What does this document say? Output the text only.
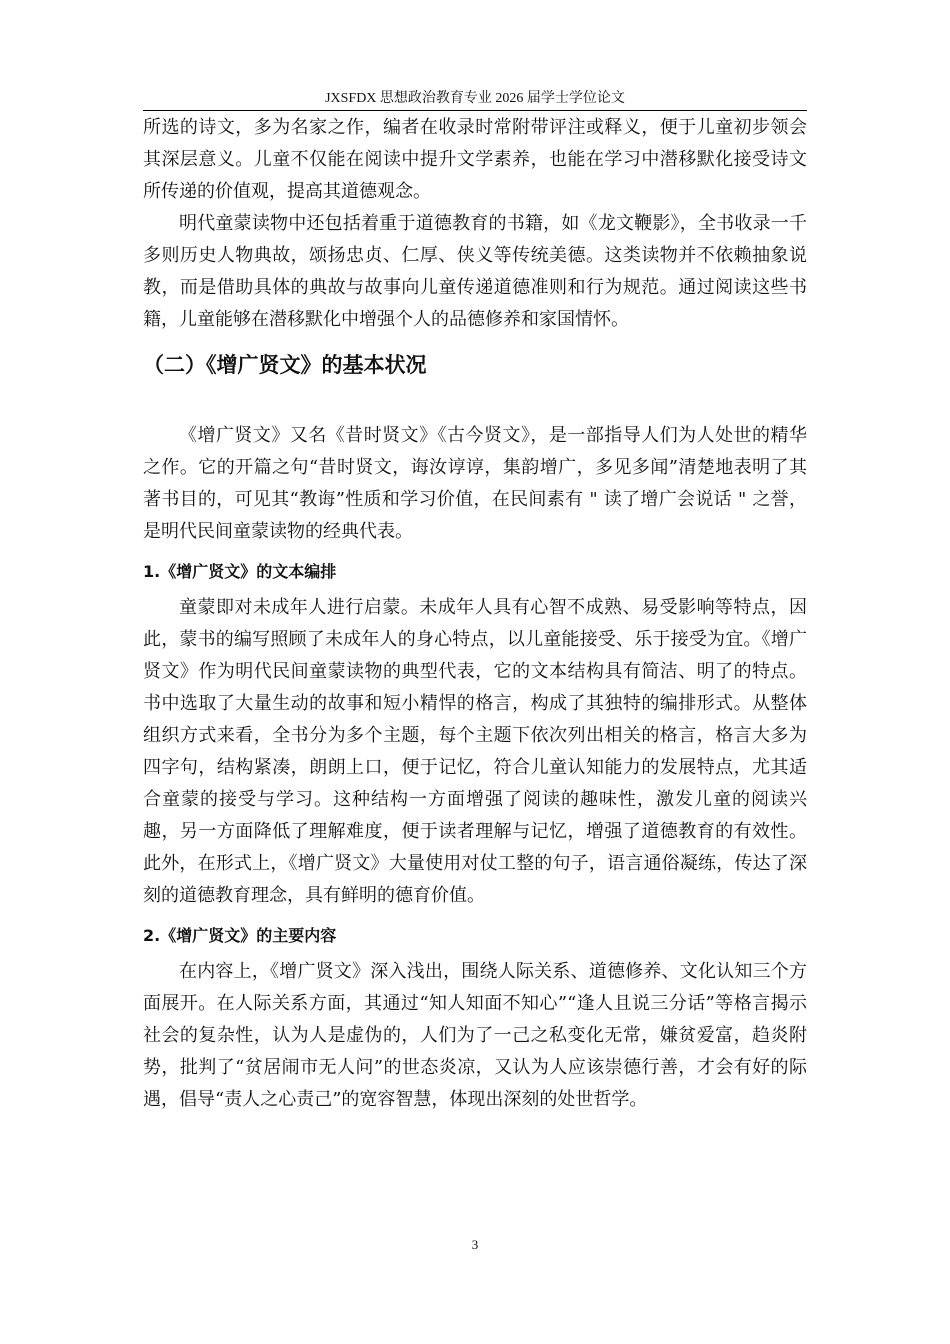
JXSFDX 思想政治教育专业 2026 届学士学位论文

所选的诗文，多为名家之作，编者在收录时常附带评注或释义，便于儿童初步领会其深层意义。儿童不仅能在阅读中提升文学素养，也能在学习中潜移默化接受诗文所传递的价值观，提高其道德观念。

明代童蒙读物中还包括着重于道德教育的书籍，如《龙文鞭影》，全书收录一千多则历史人物典故，颂扬忠贞、仁厚、侠义等传统美德。这类读物并不依赖抽象说教，而是借助具体的典故与故事向儿童传递道德准则和行为规范。通过阅读这些书籍，儿童能够在潜移默化中增强个人的品德修养和家国情怀。

（二）《增广贤文》的基本状况

《增广贤文》又名《昔时贤文》《古今贤文》，是一部指导人们为人处世的精华之作。它的开篇之句“昔时贤文，诲汝谆谆，集韵增广，多见多闻”清楚地表明了其著书目的，可见其“教诲”性质和学习价值，在民间素有 " 读了增广会说话 " 之誉，是明代民间童蒙读物的经典代表。

1.《增广贤文》的文本编排

童蒙即对未成年人进行启蒙。未成年人具有心智不成熟、易受影响等特点，因此，蒙书的编写照顾了未成年人的身心特点，以儿童能接受、乐于接受为宜。《增广贤文》作为明代民间童蒙读物的典型代表，它的文本结构具有简洁、明了的特点。书中选取了大量生动的故事和短小精悍的格言，构成了其独特的编排形式。从整体组织方式来看，全书分为多个主题，每个主题下依次列出相关的格言，格言大多为四字句，结构紧凑，朗朗上口，便于记忆，符合儿童认知能力的发展特点，尤其适合童蒙的接受与学习。这种结构一方面增强了阅读的趣味性，激发儿童的阅读兴趣，另一方面降低了理解难度，便于读者理解与记忆，增强了道德教育的有效性。此外，在形式上，《增广贤文》大量使用对仗工整的句子，语言通俗凝练，传达了深刻的道德教育理念，具有鲜明的德育价值。

2.《增广贤文》的主要内容

在内容上，《增广贤文》深入浅出，围绕人际关系、道德修养、文化认知三个方面展开。在人际关系方面，其通过“知人知面不知心”“逢人且说三分话”等格言揭示社会的复杂性，认为人是虚伪的，人们为了一己之私变化无常，嫌贫爱富，趋炎附势，批判了“贫居闹市无人问”的世态炎凉，又认为人应该崇德行善，才会有好的际遇，倡导“责人之心责己”的宽容智慧，体现出深刻的处世哲学。

3
